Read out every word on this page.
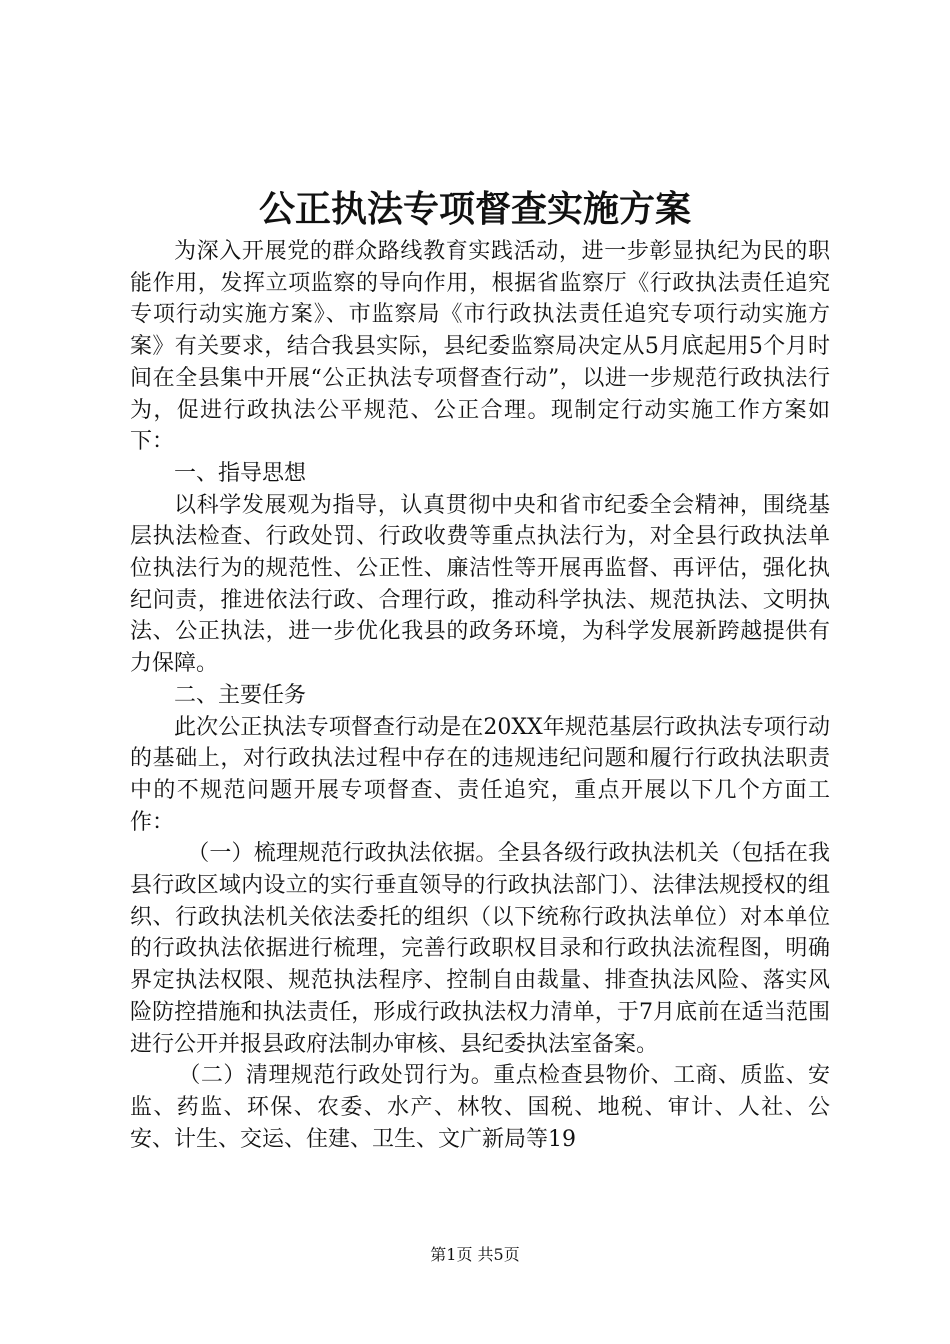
公正执法专项督查实施方案

为深入开展党的群众路线教育实践活动，进一步彰显执纪为民的职能作用，发挥立项监察的导向作用，根据省监察厅《行政执法责任追究专项行动实施方案》、市监察局《市行政执法责任追究专项行动实施方案》有关要求，结合我县实际，县纪委监察局决定从5月底起用5个月时间在全县集中开展“公正执法专项督查行动”，以进一步规范行政执法行为，促进行政执法公平规范、公正合理。现制定行动实施工作方案如下：

一、指导思想

以科学发展观为指导，认真贯彻中央和省市纪委全会精神，围绕基层执法检查、行政处罚、行政收费等重点执法行为，对全县行政执法单位执法行为的规范性、公正性、廉洁性等开展再监督、再评估，强化执纪问责，推进依法行政、合理行政，推动科学执法、规范执法、文明执法、公正执法，进一步优化我县的政务环境，为科学发展新跨越提供有力保障。

二、主要任务

此次公正执法专项督查行动是在20XX年规范基层行政执法专项行动的基础上，对行政执法过程中存在的违规违纪问题和履行行政执法职责中的不规范问题开展专项督查、责任追究，重点开展以下几个方面工作：

（一）梳理规范行政执法依据。全县各级行政执法机关（包括在我县行政区域内设立的实行垂直领导的行政执法部门）、法律法规授权的组织、行政执法机关依法委托的组织（以下统称行政执法单位）对本单位的行政执法依据进行梳理，完善行政职权目录和行政执法流程图，明确界定执法权限、规范执法程序、控制自由裁量、排查执法风险、落实风险防控措施和执法责任，形成行政执法权力清单，于7月底前在适当范围进行公开并报县政府法制办审核、县纪委执法室备案。

（二）清理规范行政处罚行为。重点检查县物价、工商、质监、安监、药监、环保、农委、水产、林牧、国税、地税、审计、人社、公安、计生、交运、住建、卫生、文广新局等19

第1页 共5页
